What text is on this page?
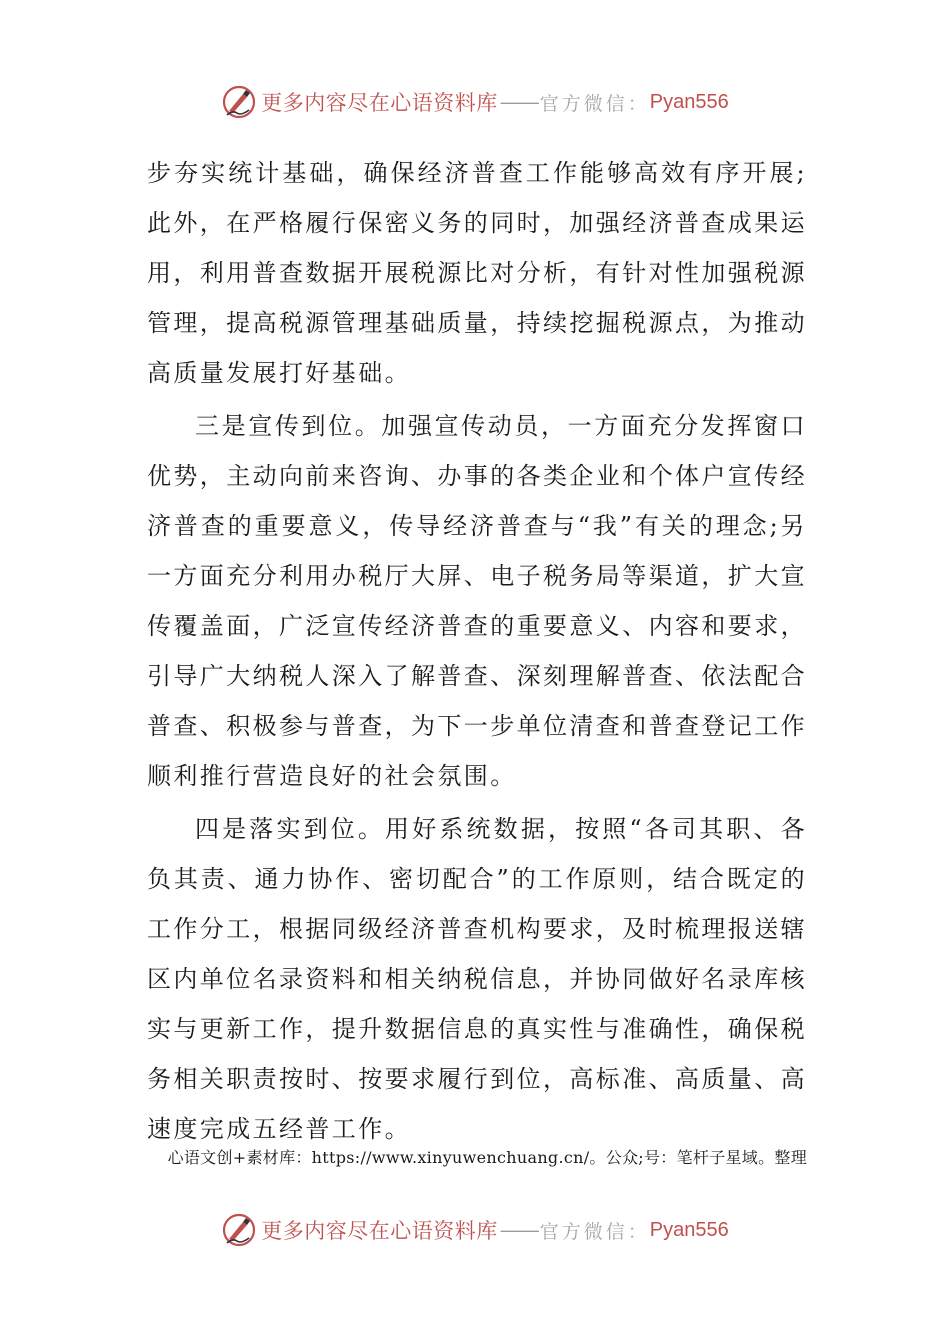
更多内容尽在心语资料库 —— 官方微信： Pyan556

步夯实统计基础，确保经济普查工作能够高效有序开展;此外，在严格履行保密义务的同时，加强经济普查成果运用，利用普查数据开展税源比对分析，有针对性加强税源管理，提高税源管理基础质量，持续挖掘税源点，为推动高质量发展打好基础。

三是宣传到位。加强宣传动员，一方面充分发挥窗口优势，主动向前来咨询、办事的各类企业和个体户宣传经济普查的重要意义，传导经济普查与“我”有关的理念;另一方面充分利用办税厅大屏、电子税务局等渠道，扩大宣传覆盖面，广泛宣传经济普查的重要意义、内容和要求，引导广大纳税人深入了解普查、深刻理解普查、依法配合普查、积极参与普查，为下一步单位清查和普查登记工作顺利推行营造良好的社会氛围。

四是落实到位。用好系统数据，按照“各司其职、各负其责、通力协作、密切配合”的工作原则，结合既定的工作分工，根据同级经济普查机构要求，及时梳理报送辖区内单位名录资料和相关纳税信息，并协同做好名录库核实与更新工作，提升数据信息的真实性与准确性，确保税务相关职责按时、按要求履行到位，高标准、高质量、高速度完成五经普工作。

心语文创+素材库：https://www.xinyuwenchuang.cn/。公众;号：笔杆子星域。整理
更多内容尽在心语资料库 —— 官方微信： Pyan556
